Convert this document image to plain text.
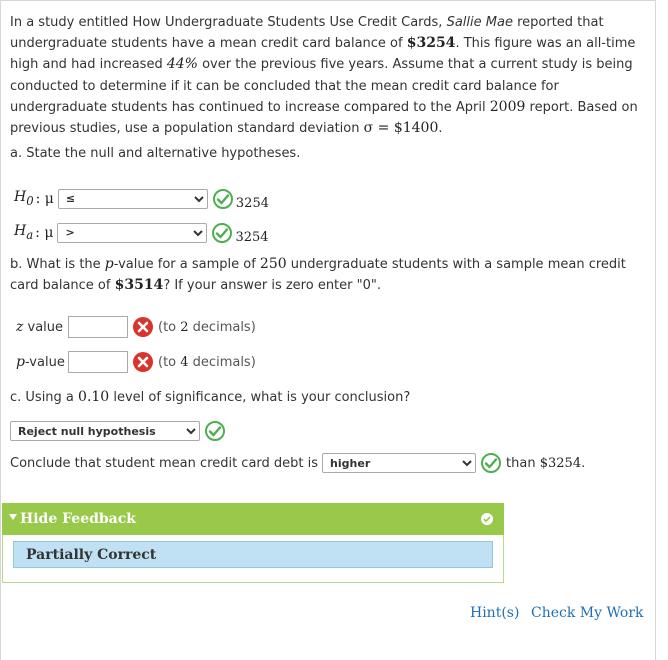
In a study entitled How Undergraduate Students Use Credit Cards, Sallie Mae reported that undergraduate students have a mean credit card balance of $3254. This figure was an all-time high and had increased 44% over the previous five years. Assume that a current study is being conducted to determine if it can be concluded that the mean credit card balance for undergraduate students has continued to increase compared to the April 2009 report. Based on previous studies, use a population standard deviation σ = $1400.

a. State the null and alternative hypotheses.
$H_0$ : μ
≤	3254
$H_a$ : μ
>	3254
b. What is the p-value for a sample of 250 undergraduate students with a sample mean credit card balance of $3514? If your answer is zero enter "0".
z value	(to 2 decimals)
p-value	(to 4 decimals)
c. Using a 0.10 level of significance, what is your conclusion?
Reject null hypothesis
Conclude that student mean credit card debt is
higher	than $3254.
Hide Feedback
Partially Correct
Hint(s) Check My Work
